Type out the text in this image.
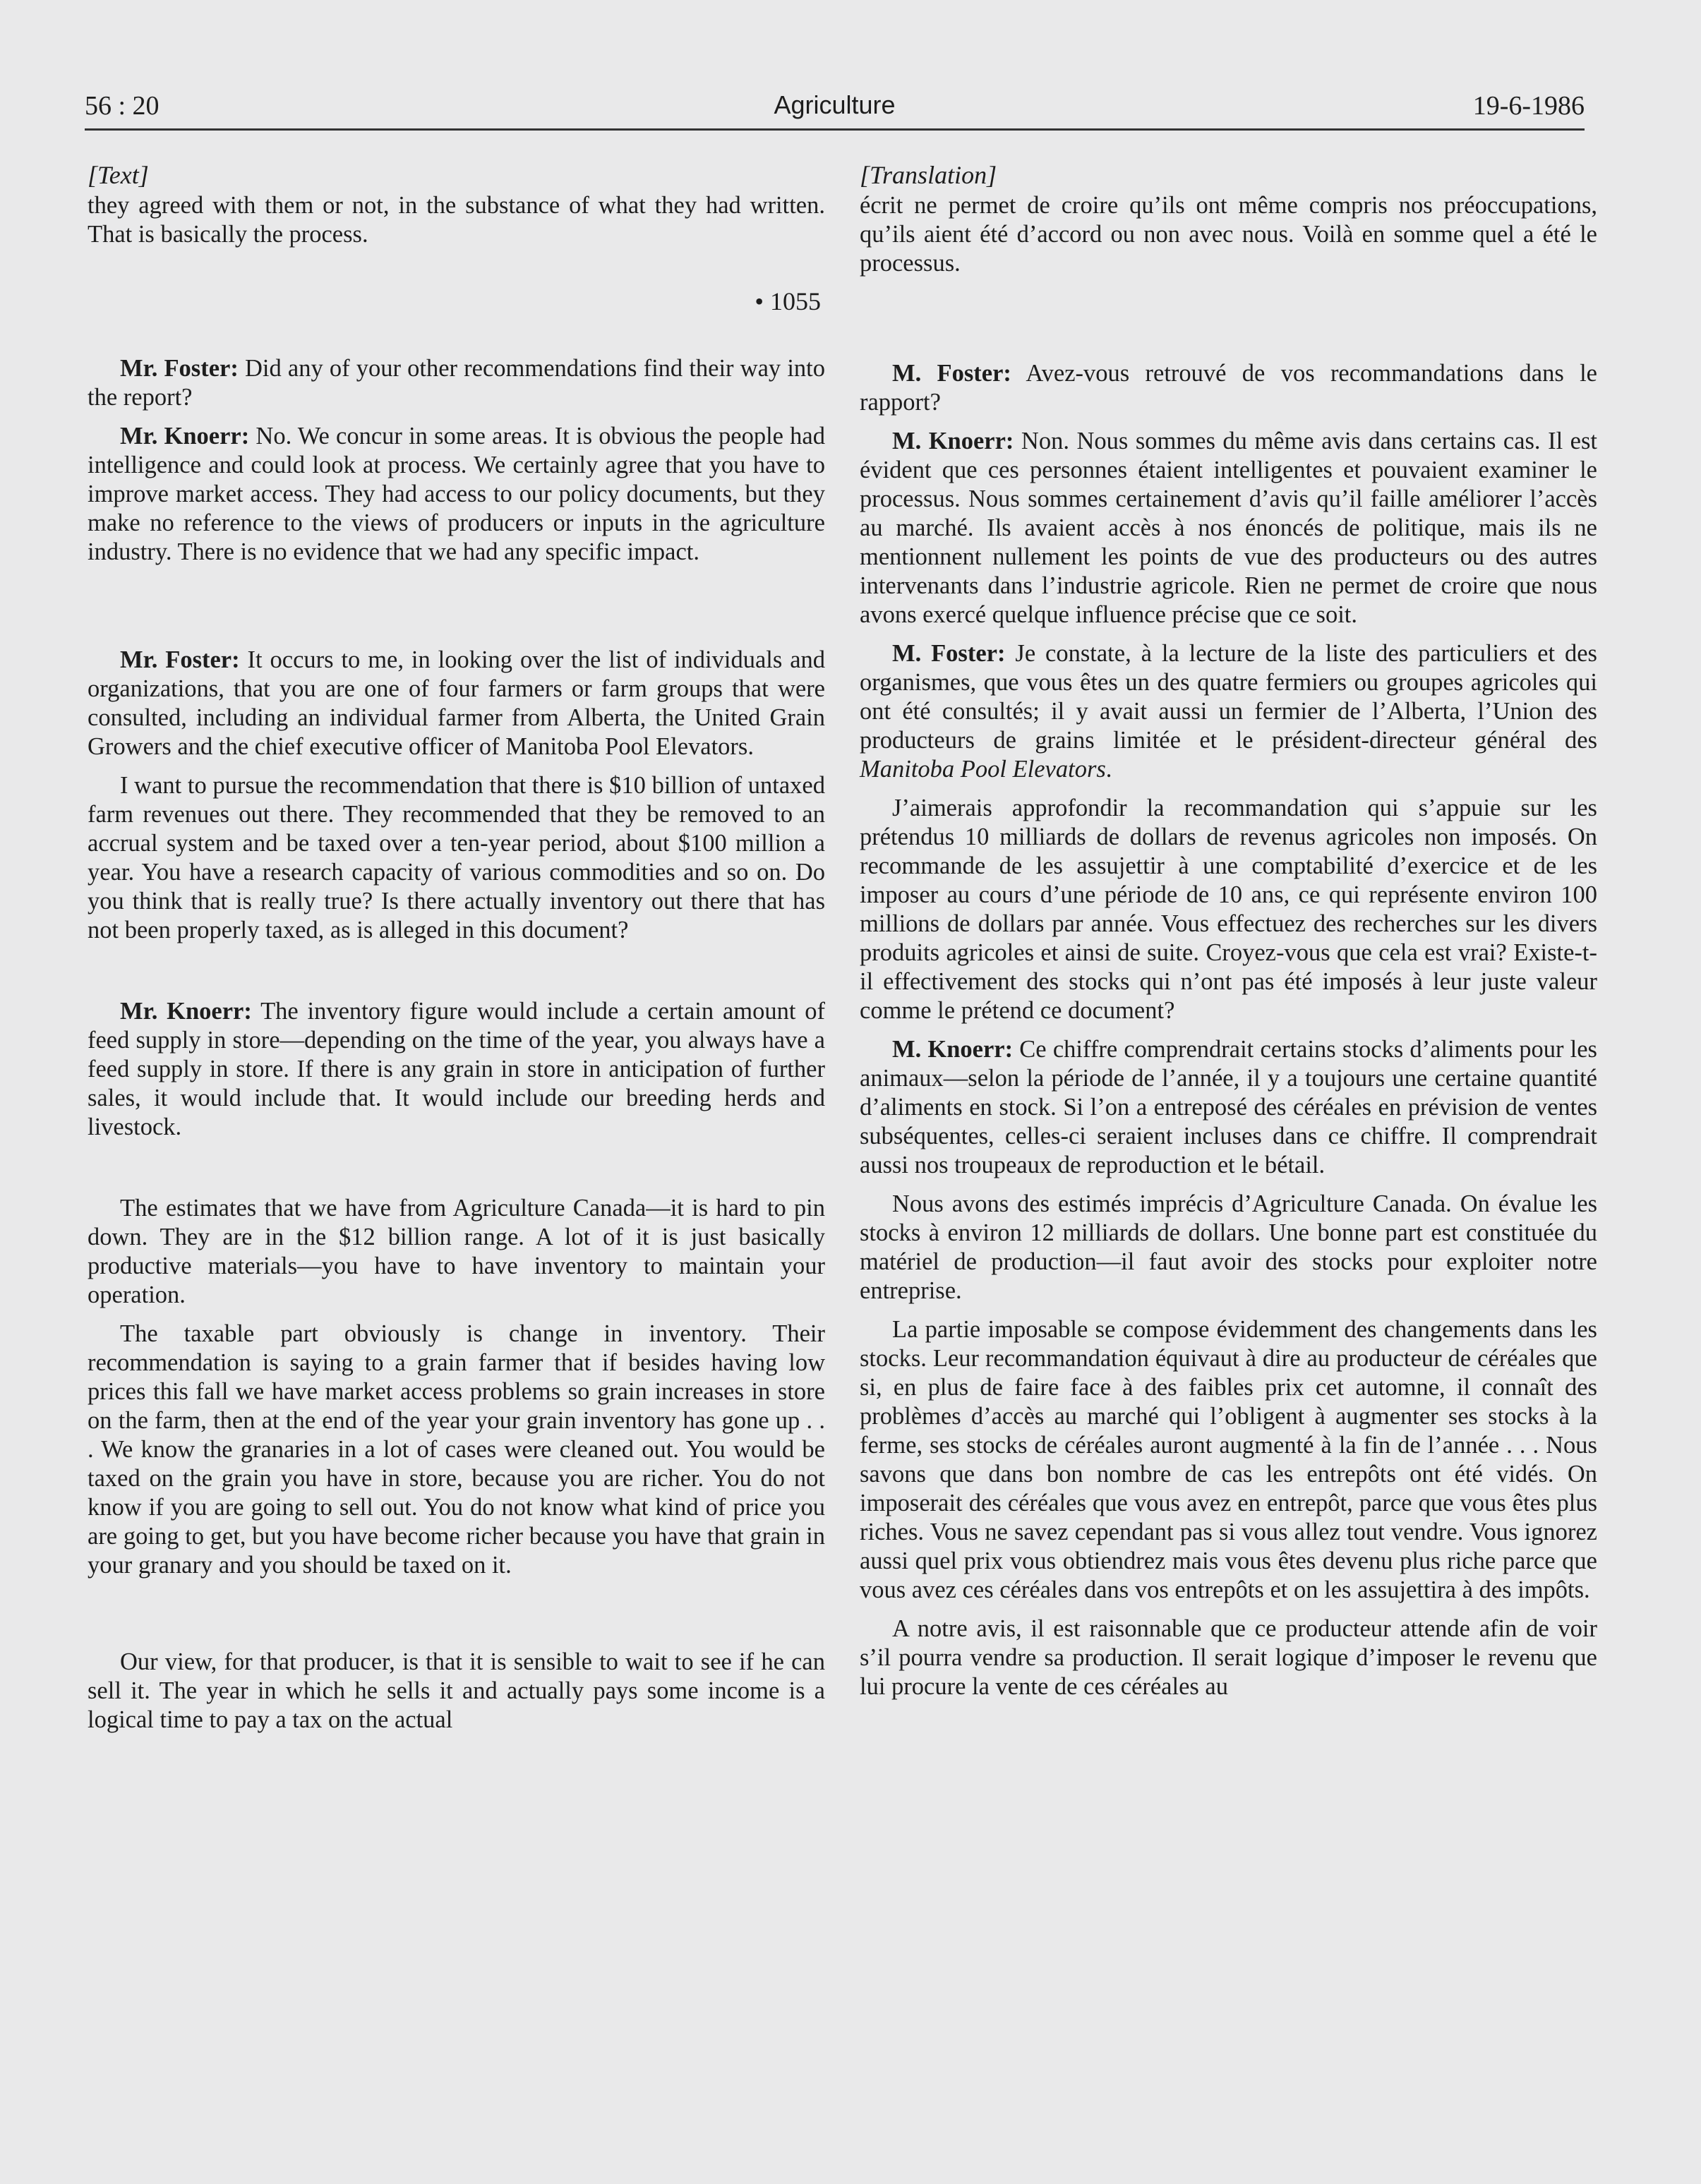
56 : 20	Agriculture	19-6-1986
[Text]

they agreed with them or not, in the substance of what they had written. That is basically the process.

• 1055

Mr. Foster: Did any of your other recommendations find their way into the report?

Mr. Knoerr: No. We concur in some areas. It is obvious the people had intelligence and could look at process. We certainly agree that you have to improve market access. They had access to our policy documents, but they make no reference to the views of producers or inputs in the agriculture industry. There is no evidence that we had any specific impact.

Mr. Foster: It occurs to me, in looking over the list of individuals and organizations, that you are one of four farmers or farm groups that were consulted, including an individual farmer from Alberta, the United Grain Growers and the chief executive officer of Manitoba Pool Elevators.

I want to pursue the recommendation that there is $10 billion of untaxed farm revenues out there. They recommended that they be removed to an accrual system and be taxed over a ten-year period, about $100 million a year. You have a research capacity of various commodities and so on. Do you think that is really true? Is there actually inventory out there that has not been properly taxed, as is alleged in this document?

Mr. Knoerr: The inventory figure would include a certain amount of feed supply in store—depending on the time of the year, you always have a feed supply in store. If there is any grain in store in anticipation of further sales, it would include that. It would include our breeding herds and livestock.

The estimates that we have from Agriculture Canada—it is hard to pin down. They are in the $12 billion range. A lot of it is just basically productive materials—you have to have inventory to maintain your operation.

The taxable part obviously is change in inventory. Their recommendation is saying to a grain farmer that if besides having low prices this fall we have market access problems so grain increases in store on the farm, then at the end of the year your grain inventory has gone up . . . We know the granaries in a lot of cases were cleaned out. You would be taxed on the grain you have in store, because you are richer. You do not know if you are going to sell out. You do not know what kind of price you are going to get, but you have become richer because you have that grain in your granary and you should be taxed on it.

Our view, for that producer, is that it is sensible to wait to see if he can sell it. The year in which he sells it and actually pays some income is a logical time to pay a tax on the actual

[Translation]

écrit ne permet de croire qu’ils ont même compris nos préoccupations, qu’ils aient été d’accord ou non avec nous. Voilà en somme quel a été le processus.

M. Foster: Avez-vous retrouvé de vos recommandations dans le rapport?

M. Knoerr: Non. Nous sommes du même avis dans certains cas. Il est évident que ces personnes étaient intelligentes et pouvaient examiner le processus. Nous sommes certainement d’avis qu’il faille améliorer l’accès au marché. Ils avaient accès à nos énoncés de politique, mais ils ne mentionnent nullement les points de vue des producteurs ou des autres intervenants dans l’industrie agricole. Rien ne permet de croire que nous avons exercé quelque influence précise que ce soit.

M. Foster: Je constate, à la lecture de la liste des particuliers et des organismes, que vous êtes un des quatre fermiers ou groupes agricoles qui ont été consultés; il y avait aussi un fermier de l’Alberta, l’Union des producteurs de grains limitée et le président-directeur général des Manitoba Pool Elevators.

J’aimerais approfondir la recommandation qui s’appuie sur les prétendus 10 milliards de dollars de revenus agricoles non imposés. On recommande de les assujettir à une comptabilité d’exercice et de les imposer au cours d’une période de 10 ans, ce qui représente environ 100 millions de dollars par année. Vous effectuez des recherches sur les divers produits agricoles et ainsi de suite. Croyez-vous que cela est vrai? Existe-t-il effectivement des stocks qui n’ont pas été imposés à leur juste valeur comme le prétend ce document?

M. Knoerr: Ce chiffre comprendrait certains stocks d’aliments pour les animaux—selon la période de l’année, il y a toujours une certaine quantité d’aliments en stock. Si l’on a entreposé des céréales en prévision de ventes subséquentes, celles-ci seraient incluses dans ce chiffre. Il comprendrait aussi nos troupeaux de reproduction et le bétail.

Nous avons des estimés imprécis d’Agriculture Canada. On évalue les stocks à environ 12 milliards de dollars. Une bonne part est constituée du matériel de production—il faut avoir des stocks pour exploiter notre entreprise.

La partie imposable se compose évidemment des changements dans les stocks. Leur recommandation équivaut à dire au producteur de céréales que si, en plus de faire face à des faibles prix cet automne, il connaît des problèmes d’accès au marché qui l’obligent à augmenter ses stocks à la ferme, ses stocks de céréales auront augmenté à la fin de l’année . . . Nous savons que dans bon nombre de cas les entrepôts ont été vidés. On imposerait des céréales que vous avez en entrepôt, parce que vous êtes plus riches. Vous ne savez cependant pas si vous allez tout vendre. Vous ignorez aussi quel prix vous obtiendrez mais vous êtes devenu plus riche parce que vous avez ces céréales dans vos entrepôts et on les assujettira à des impôts.

A notre avis, il est raisonnable que ce producteur attende afin de voir s’il pourra vendre sa production. Il serait logique d’imposer le revenu que lui procure la vente de ces céréales au
